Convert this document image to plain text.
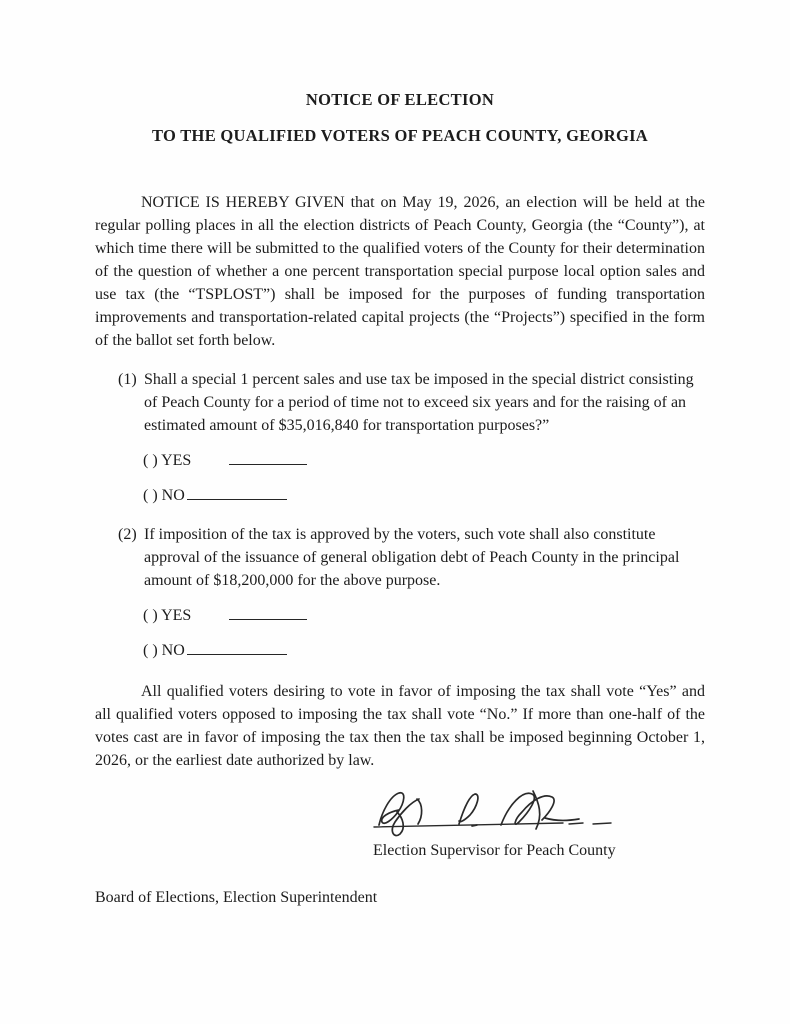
NOTICE OF ELECTION
TO THE QUALIFIED VOTERS OF PEACH COUNTY, GEORGIA

NOTICE IS HEREBY GIVEN that on May 19, 2026, an election will be held at the regular polling places in all the election districts of Peach County, Georgia (the “County”), at which time there will be submitted to the qualified voters of the County for their determination of the question of whether a one percent transportation special purpose local option sales and use tax (the “TSPLOST”) shall be imposed for the purposes of funding transportation improvements and transportation-related capital projects (the “Projects”) specified in the form of the ballot set forth below.

(1) Shall a special 1 percent sales and use tax be imposed in the special district consisting of Peach County for a period of time not to exceed six years and for the raising of an estimated amount of $35,016,840 for transportation purposes?”
( ) YES
( ) NO
(2) If imposition of the tax is approved by the voters, such vote shall also constitute approval of the issuance of general obligation debt of Peach County in the principal amount of $18,200,000 for the above purpose.
( ) YES
( ) NO

All qualified voters desiring to vote in favor of imposing the tax shall vote “Yes” and all qualified voters opposed to imposing the tax shall vote “No.” If more than one-half of the votes cast are in favor of imposing the tax then the tax shall be imposed beginning October 1, 2026, or the earliest date authorized by law.

Election Supervisor for Peach County
Board of Elections, Election Superintendent
